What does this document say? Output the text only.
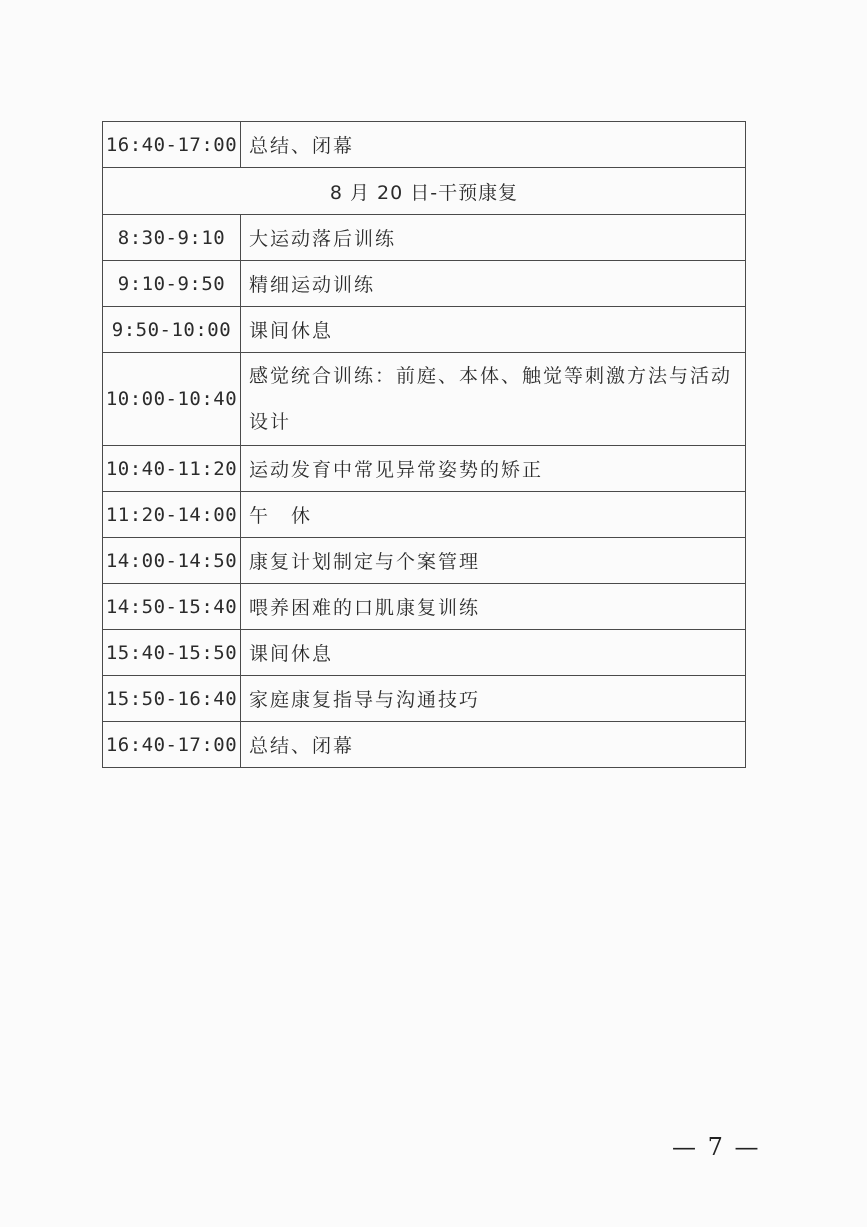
16:40-17:00	总结、闭幕
8 月 20 日-干预康复	
8:30-9:10	大运动落后训练
9:10-9:50	精细运动训练
9:50-10:00	课间休息
10:00-10:40	感觉统合训练：前庭、本体、触觉等刺激方法与活动设计
10:40-11:20	运动发育中常见异常姿势的矫正
11:20-14:00	午　休
14:00-14:50	康复计划制定与个案管理
14:50-15:40	喂养困难的口肌康复训练
15:40-15:50	课间休息
15:50-16:40	家庭康复指导与沟通技巧
16:40-17:00	总结、闭幕
— 7 —
